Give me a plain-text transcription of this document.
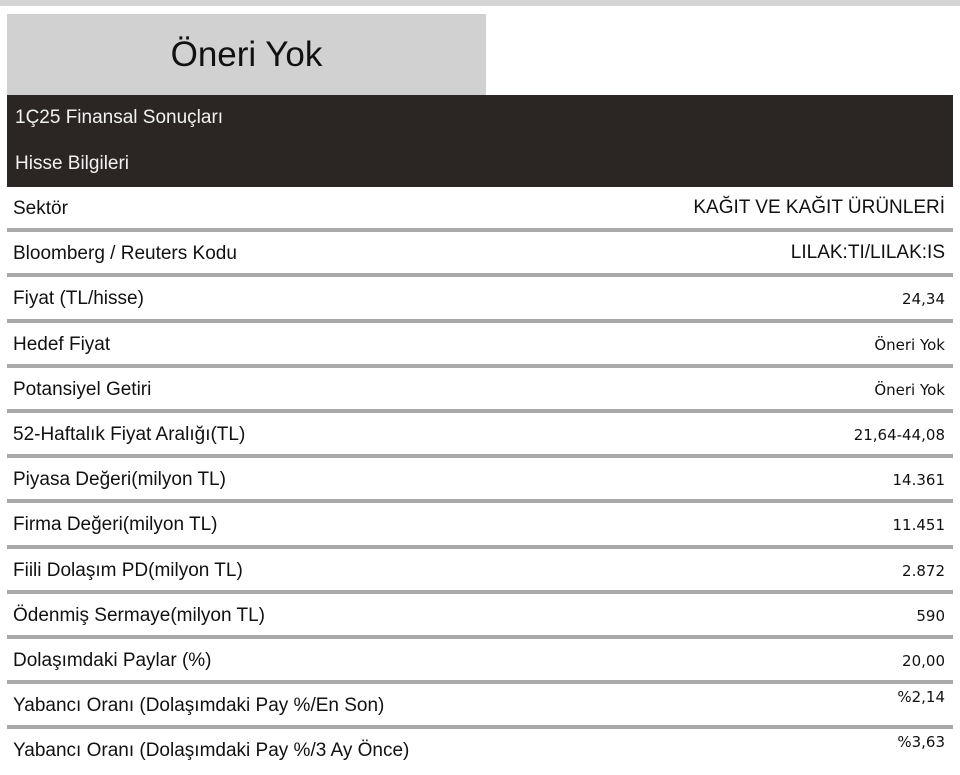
Öneri Yok
1Ç25 Finansal Sonuçları
Hisse Bilgileri
Sektör	KAĞIT VE KAĞIT ÜRÜNLERİ
Bloomberg / Reuters Kodu	LILAK:TI/LILAK:IS
Fiyat (TL/hisse)	24,34
Hedef Fiyat	Öneri Yok
Potansiyel Getiri	Öneri Yok
52-Haftalık Fiyat Aralığı(TL)	21,64-44,08
Piyasa Değeri(milyon TL)	14.361
Firma Değeri(milyon TL)	11.451
Fiili Dolaşım PD(milyon TL)	2.872
Ödenmiş Sermaye(milyon TL)	590
Dolaşımdaki Paylar (%)	20,00
Yabancı Oranı (Dolaşımdaki Pay %/En Son)	%2,14
Yabancı Oranı (Dolaşımdaki Pay %/3 Ay Önce)	%3,63
